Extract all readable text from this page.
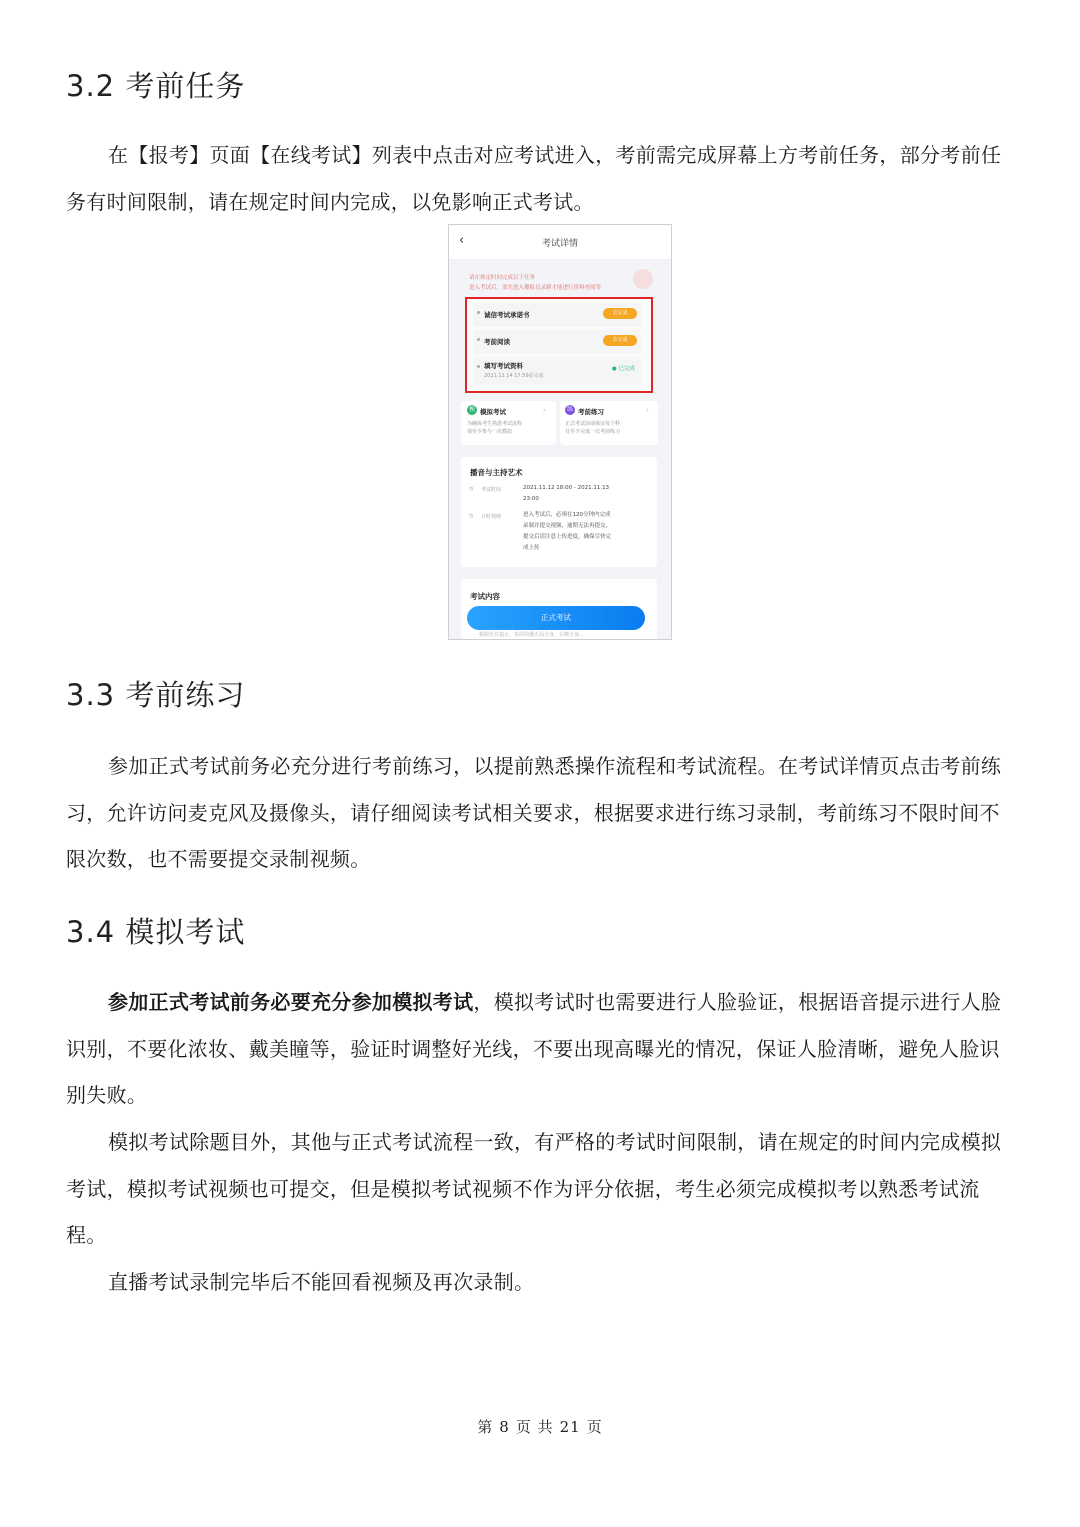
3.2 考前任务

在【报考】页面【在线考试】列表中点击对应考试进入，考前需完成屏幕上方考前任务，部分考前任务有时间限制，请在规定时间内完成，以免影响正式考试。

‹	考试详情
请在规定时间完成以下任务
进入考试后，需先进入播报员录制才能进行资料查阅等
诚信考试承诺书	去完成
考前阅读	去完成
填写考试资料
2021.11.14 17:59前完成
● 已完成
模 模拟考试	›
为确保考生熟悉考试流程
请至少参与一次模拟
练 考前练习	›
正式考试前请保证每个科
目至少完成一次考前练习
播音与主持艺术
◷ 考试时间	2021.11.12 18:00 - 2021.11.13
23:00
◷ 计时规则	进入考试后，必须在120分钟内完成
录制并提交视频，逾期无法再提交，
提交后请注意上传进度，确保尽快完
成上传
考试内容
正式考试
根据语音提示，显屏前播正面全身，左侧全身...
3.3 考前练习

参加正式考试前务必充分进行考前练习，以提前熟悉操作流程和考试流程。在考试详情页点击考前练习，允许访问麦克风及摄像头，请仔细阅读考试相关要求，根据要求进行练习录制，考前练习不限时间不限次数，也不需要提交录制视频。

3.4 模拟考试

参加正式考试前务必要充分参加模拟考试，模拟考试时也需要进行人脸验证，根据语音提示进行人脸识别，不要化浓妆、戴美瞳等，验证时调整好光线，不要出现高曝光的情况，保证人脸清晰，避免人脸识别失败。

模拟考试除题目外，其他与正式考试流程一致，有严格的考试时间限制，请在规定的时间内完成模拟考试，模拟考试视频也可提交，但是模拟考试视频不作为评分依据，考生必须完成模拟考以熟悉考试流程。

直播考试录制完毕后不能回看视频及再次录制。

第 8 页 共 21 页
